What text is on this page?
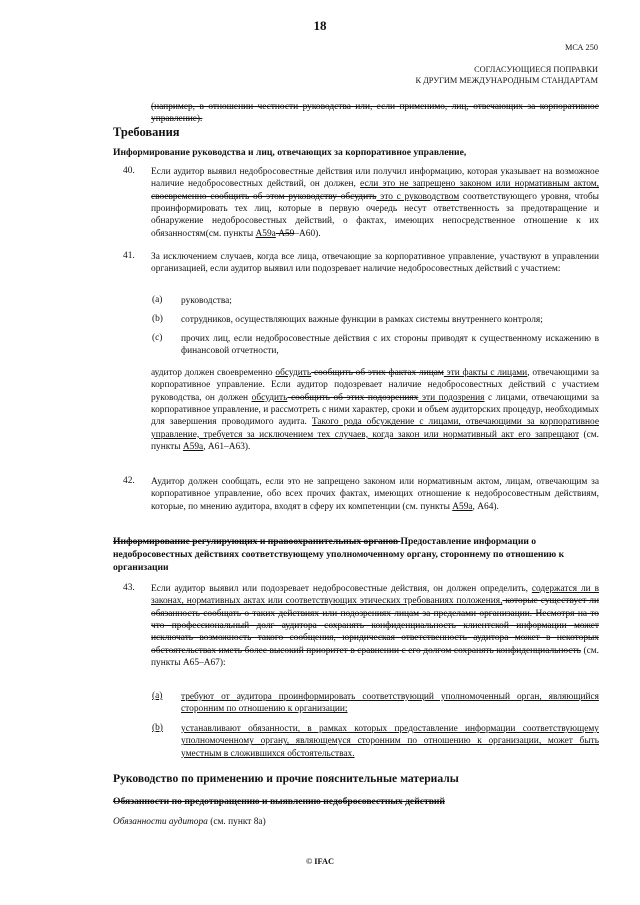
18
МСА 250
СОГЛАСУЮЩИЕСЯ ПОПРАВКИ
К ДРУГИМ МЕЖДУНАРОДНЫМ СТАНДАРТАМ
(например, в отношении честности руководства или, если применимо, лиц, отвечающих за корпоративное управление).
Требования
Информирование руководства и лиц, отвечающих за корпоративное управление,
40. Если аудитор выявил недобросовестные действия или получил информацию, которая указывает на возможное наличие недобросовестных действий, он должен, если это не запрещено законом или нормативным актом, своевременно сообщить об этом руководству обсудить это с руководством соответствующего уровня, чтобы проинформировать тех лиц, которые в первую очередь несут ответственность за предотвращение и обнаружение недобросовестных действий, о фактах, имеющих непосредственное отношение к их обязанностям(см. пункты А59а А59–А60).
41. За исключением случаев, когда все лица, отвечающие за корпоративное управление, участвуют в управлении организацией, если аудитор выявил или подозревает наличие недобросовестных действий с участием:
(a) руководства;
(b) сотрудников, осуществляющих важные функции в рамках системы внутреннего контроля;
(c) прочих лиц, если недобросовестные действия с их стороны приводят к существенному искажению в финансовой отчетности,
аудитор должен своевременно обсудить сообщить об этих фактах лицам эти факты с лицами, отвечающими за корпоративное управление. Если аудитор подозревает наличие недобросовестных действий с участием руководства, он должен обсудить сообщить об этих подозрениях эти подозрения с лицами, отвечающими за корпоративное управление, и рассмотреть с ними характер, сроки и объем аудиторских процедур, необходимых для завершения проводимого аудита. Такого рода обсуждение с лицами, отвечающими за корпоративное управление, требуется за исключением тех случаев, когда закон или нормативный акт его запрещают (см. пункты А59а, А61–А63).
42. Аудитор должен сообщать, если это не запрещено законом или нормативным актом, лицам, отвечающим за корпоративное управление, обо всех прочих фактах, имеющих отношение к недобросовестным действиям, которые, по мнению аудитора, входят в сферу их компетенции (см. пункты А59а, А64).
Информирование регулирующих и правоохранительных органов Предоставление информации о недобросовестных действиях соответствующему уполномоченному органу, стороннему по отношению к организации
43. Если аудитор выявил или подозревает недобросовестные действия, он должен определить, содержатся ли в законах, нормативных актах или соответствующих этических требованиях положения, которые существует ли обязанность сообщать о таких действиях или подозрениях лицам за пределами организации. Несмотря на то что профессиональный долг аудитора сохранять конфиденциальность клиентской информации может исключать возможность такого сообщения, юридическая ответственность аудитора может в некоторых обстоятельствах иметь более высокий приоритет в сравнении с его долгом сохранять конфиденциальность (см. пункты А65–А67):
(a) требуют от аудитора проинформировать соответствующий уполномоченный орган, являющийся сторонним по отношению к организации;
(b) устанавливают обязанности, в рамках которых предоставление информации соответствующему уполномоченному органу, являющемуся сторонним по отношению к организации, может быть уместным в сложившихся обстоятельствах.
Руководство по применению и прочие пояснительные материалы
Обязанности по предотвращению и выявлению недобросовестных действий
Обязанности аудитора (см. пункт 8а)
© IFAC
